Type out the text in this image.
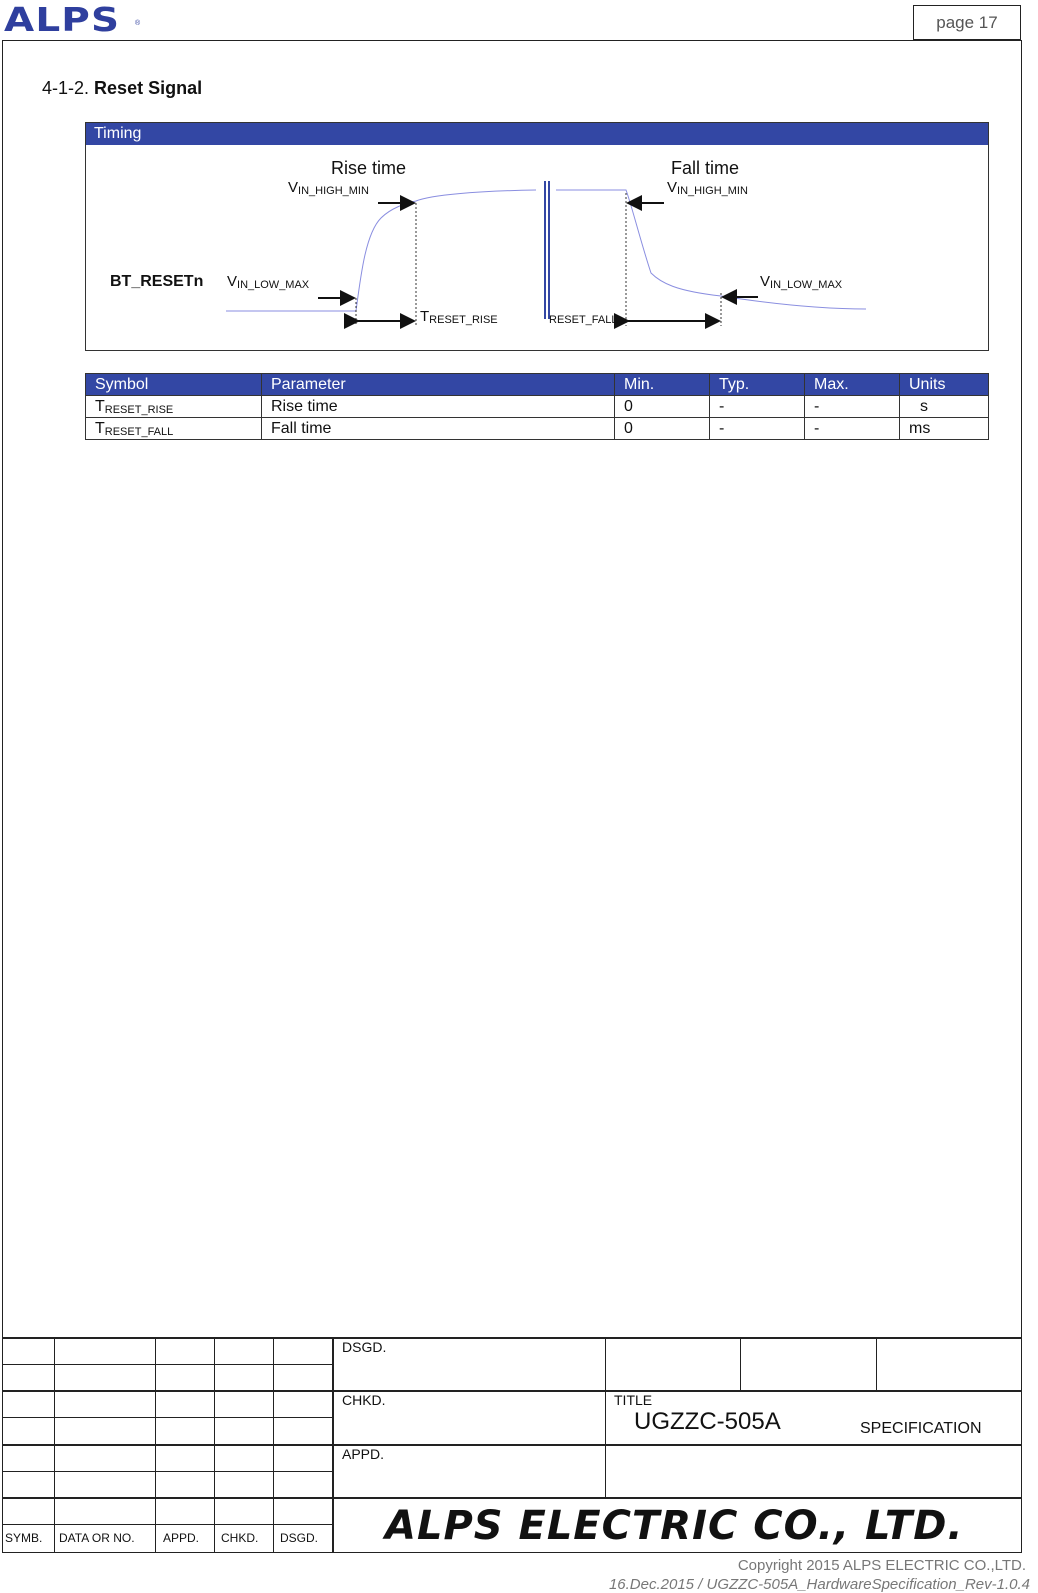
ALPS ®	page 17
4-1-2. Reset Signal
Timing
Rise time	Fall time
$V_{IN\_HIGH\_MIN}$	$V_{IN\_HIGH\_MIN}$
BT_RESETn $V_{IN\_LOW\_MAX}$	$V_{IN\_LOW\_MAX}$
$T_{RESET\_RISE}$	RESET_FALL
Symbol	Parameter	Min.	Typ.	Max.	Units
$T_{RESET\_RISE}$	Rise time	0	-	-	s
$T_{RESET\_FALL}$	Fall time	0	-	-	ms
DSGD.
CHKD.
APPD.
TITLE
UGZZC-505A	SPECIFICATION
SYMB. DATA OR NO. APPD. CHKD. DSGD. ALPS ELECTRIC CO., LTD.
Copyright 2015 ALPS ELECTRIC CO.,LTD.
16.Dec.2015 / UGZZC-505A_HardwareSpecification_Rev-1.0.4
